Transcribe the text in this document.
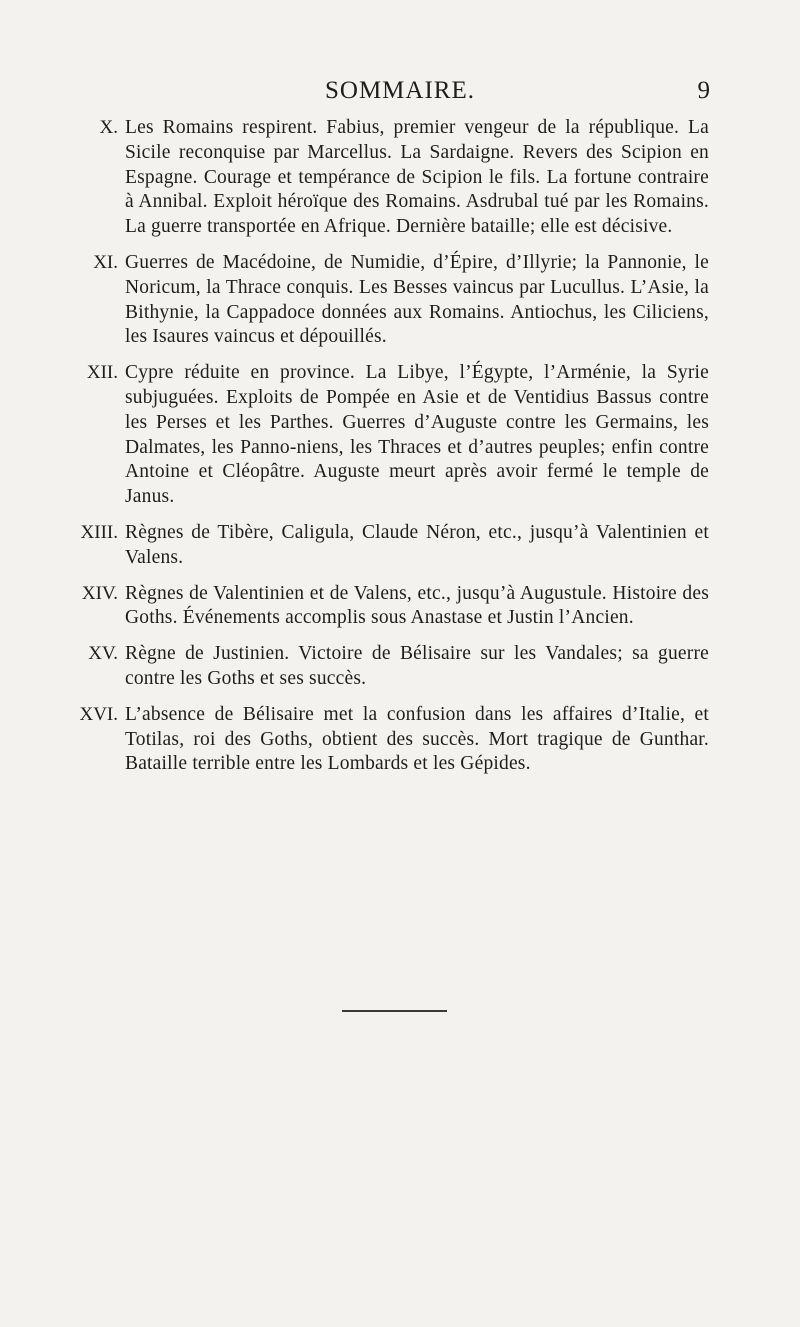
SOMMAIRE.	9
X. Les Romains respirent. Fabius, premier vengeur de la république. La Sicile reconquise par Marcellus. La Sardaigne. Revers des Scipion en Espagne. Courage et tempérance de Scipion le fils. La fortune contraire à Annibal. Exploit héroïque des Romains. Asdrubal tué par les Romains. La guerre transportée en Afrique. Dernière bataille; elle est décisive.
XI. Guerres de Macédoine, de Numidie, d’Épire, d’Illyrie; la Pannonie, le Noricum, la Thrace conquis. Les Besses vaincus par Lucullus. L’Asie, la Bithynie, la Cappadoce données aux Romains. Antiochus, les Ciliciens, les Isaures vaincus et dépouillés.
XII. Cypre réduite en province. La Libye, l’Égypte, l’Arménie, la Syrie subjuguées. Exploits de Pompée en Asie et de Ventidius Bassus contre les Perses et les Parthes. Guerres d’Auguste contre les Germains, les Dalmates, les Panno-niens, les Thraces et d’autres peuples; enfin contre Antoine et Cléopâtre. Auguste meurt après avoir fermé le temple de Janus.
XIII. Règnes de Tibère, Caligula, Claude Néron, etc., jusqu’à Valentinien et Valens.
XIV. Règnes de Valentinien et de Valens, etc., jusqu’à Augustule. Histoire des Goths. Événements accomplis sous Anastase et Justin l’Ancien.
XV. Règne de Justinien. Victoire de Bélisaire sur les Vandales; sa guerre contre les Goths et ses succès.
XVI. L’absence de Bélisaire met la confusion dans les affaires d’Italie, et Totilas, roi des Goths, obtient des succès. Mort tragique de Gunthar. Bataille terrible entre les Lombards et les Gépides.
